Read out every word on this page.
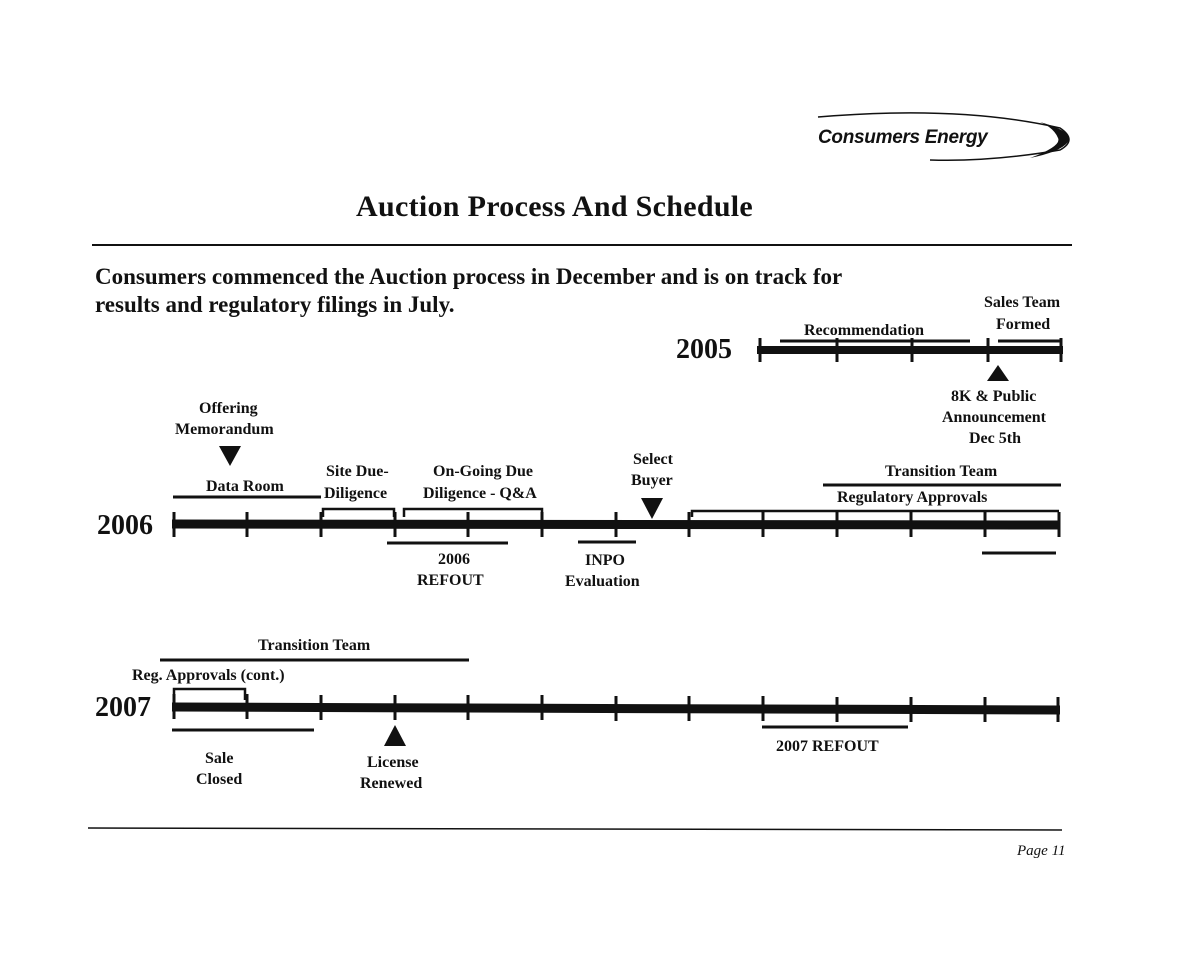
Consumers Energy
Auction Process And Schedule
Consumers commenced the Auction process in December and is on track for
results and regulatory filings in July.
2005
Recommendation
Sales Team
Formed
8K & Public
Announcement
Dec 5th
2006
Offering
Memorandum
Data Room
Site Due-
Diligence
On-Going Due
Diligence - Q&A
Select
Buyer
Transition Team
Regulatory Approvals
2006
REFOUT
INPO
Evaluation
2007
Transition Team
Reg. Approvals (cont.)
Sale
Closed
License
Renewed
2007 REFOUT
Page 11
